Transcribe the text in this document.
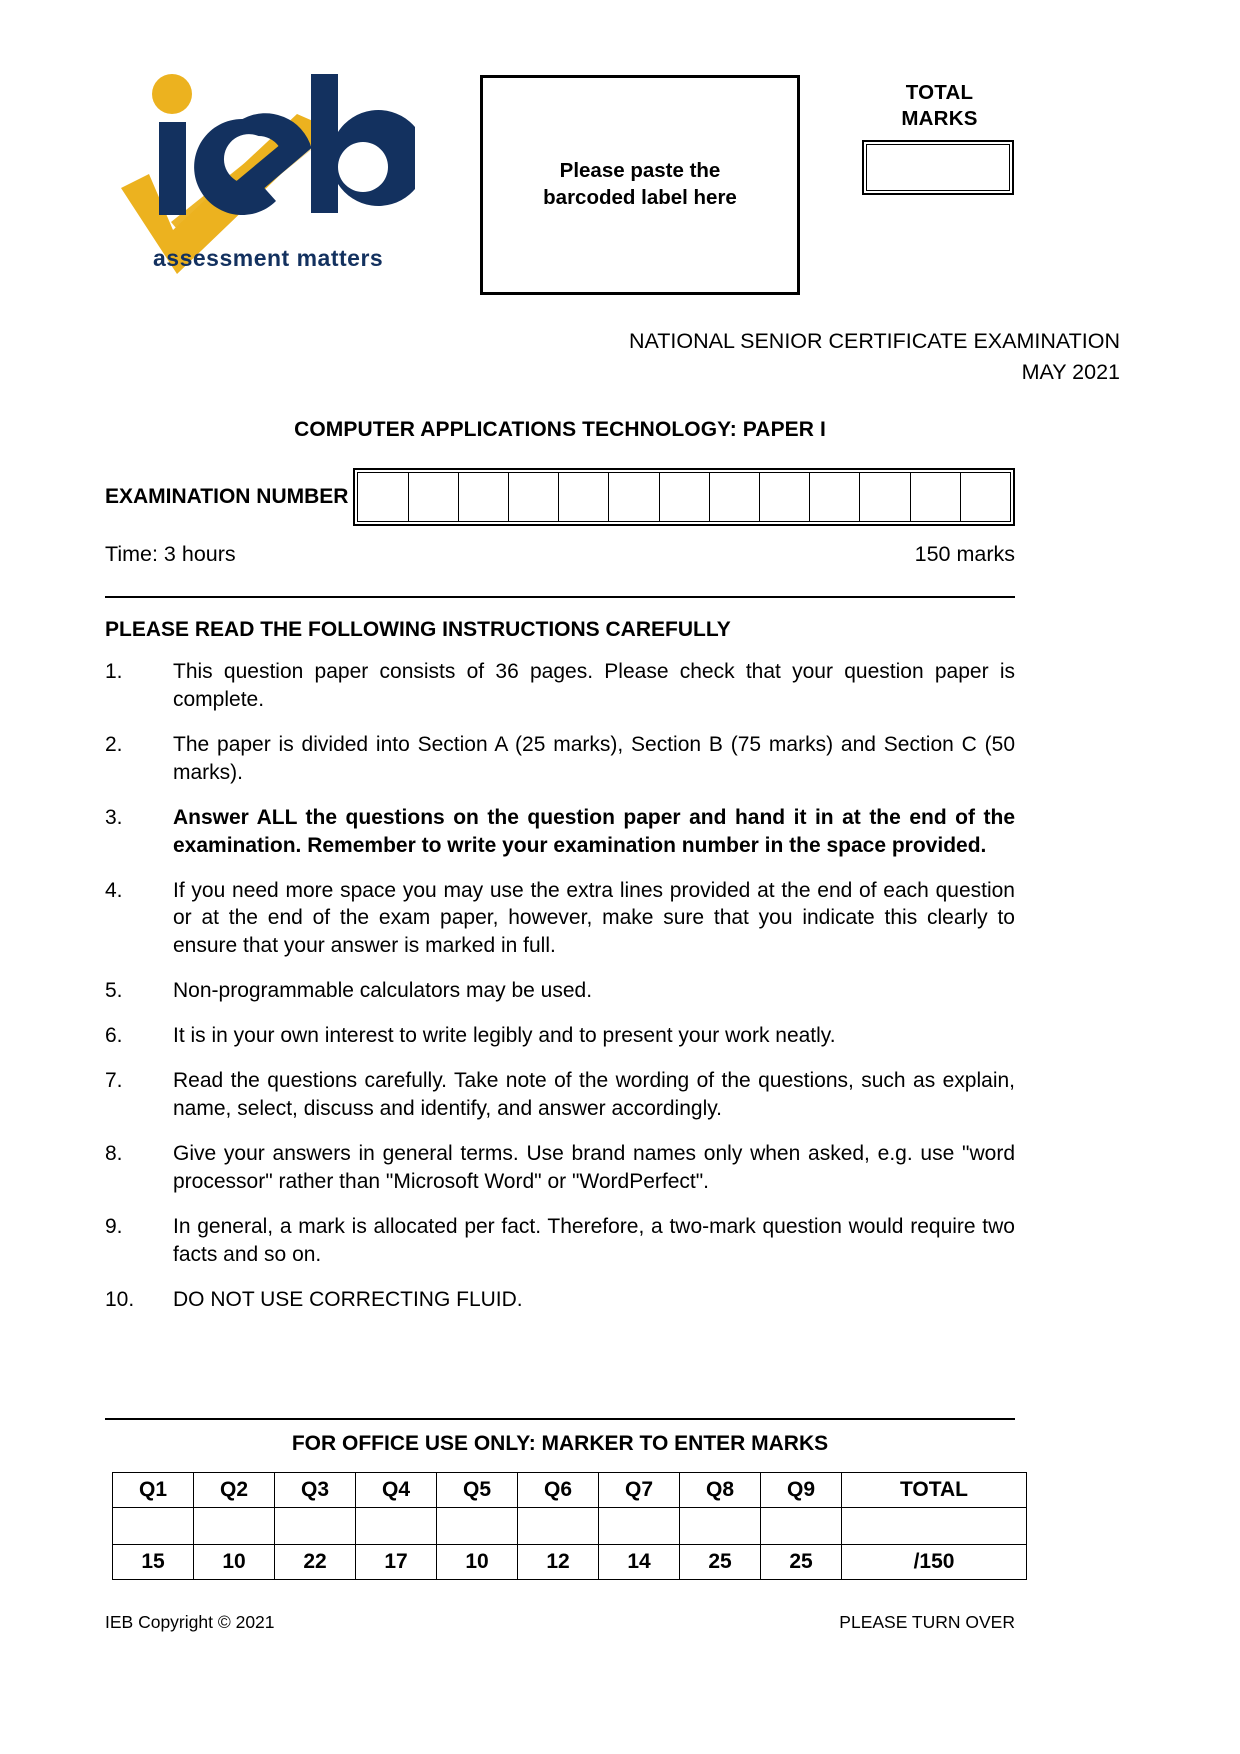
assessment matters
Please paste the barcoded label here
TOTAL
MARKS
NATIONAL SENIOR CERTIFICATE EXAMINATION
MAY 2021
COMPUTER APPLICATIONS TECHNOLOGY: PAPER I
EXAMINATION NUMBER
Time: 3 hours	150 marks
PLEASE READ THE FOLLOWING INSTRUCTIONS CAREFULLY
1.	This question paper consists of 36 pages. Please check that your question paper is complete.
2.	The paper is divided into Section A (25 marks), Section B (75 marks) and Section C (50 marks).
3.	Answer ALL the questions on the question paper and hand it in at the end of the examination. Remember to write your examination number in the space provided.
4.	If you need more space you may use the extra lines provided at the end of each question or at the end of the exam paper, however, make sure that you indicate this clearly to ensure that your answer is marked in full.
5.	Non-programmable calculators may be used.
6.	It is in your own interest to write legibly and to present your work neatly.
7.	Read the questions carefully. Take note of the wording of the questions, such as explain, name, select, discuss and identify, and answer accordingly.
8.	Give your answers in general terms. Use brand names only when asked, e.g. use "word processor" rather than "Microsoft Word" or "WordPerfect".
9.	In general, a mark is allocated per fact. Therefore, a two-mark question would require two facts and so on.
10.	DO NOT USE CORRECTING FLUID.
FOR OFFICE USE ONLY: MARKER TO ENTER MARKS
Q1	Q2	Q3	Q4	Q5	Q6	Q7	Q8	Q9	TOTAL

15	10	22	17	10	12	14	25	25	/150
IEB Copyright © 2021	PLEASE TURN OVER
